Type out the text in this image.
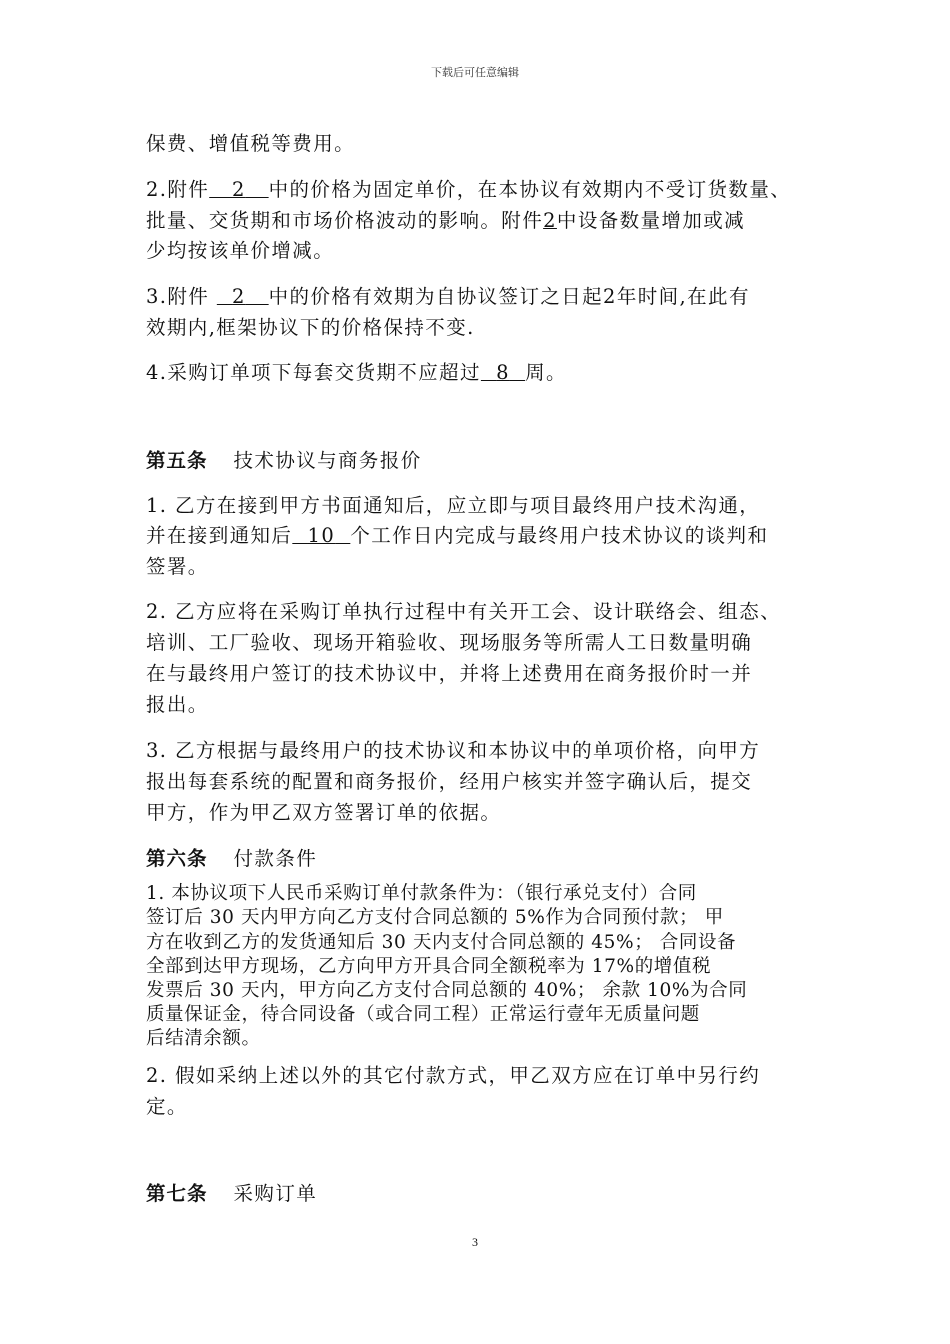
下载后可任意编辑
保费、增值税等费用。
2.附件 2 中的价格为固定单价，在本协议有效期内不受订货数量、
批量、交货期和市场价格波动的影响。附件2中设备数量增加或减
少均按该单价增减。
3.附件 2 中的价格有效期为自协议签订之日起2年时间,在此有
效期内,框架协议下的价格保持不变.
4.采购订单项下每套交货期不应超过 8 周。
第五条 技术协议与商务报价
1. 乙方在接到甲方书面通知后，应立即与项目最终用户技术沟通，
并在接到通知后 10 个工作日内完成与最终用户技术协议的谈判和
签署。
2. 乙方应将在采购订单执行过程中有关开工会、设计联络会、组态、
培训、工厂验收、现场开箱验收、现场服务等所需人工日数量明确
在与最终用户签订的技术协议中，并将上述费用在商务报价时一并
报出。
3. 乙方根据与最终用户的技术协议和本协议中的单项价格，向甲方
报出每套系统的配置和商务报价，经用户核实并签字确认后，提交
甲方，作为甲乙双方签署订单的依据。
第六条 付款条件
1. 本协议项下人民币采购订单付款条件为：（银行承兑支付）合同
签订后 30 天内甲方向乙方支付合同总额的 5%作为合同预付款； 甲
方在收到乙方的发货通知后 30 天内支付合同总额的 45%； 合同设备
全部到达甲方现场，乙方向甲方开具合同全额税率为 17%的增值税
发票后 30 天内，甲方向乙方支付合同总额的 40%； 余款 10%为合同
质量保证金，待合同设备（或合同工程）正常运行壹年无质量问题
后结清余额。
2. 假如采纳上述以外的其它付款方式，甲乙双方应在订单中另行约
定。
第七条 采购订单
3
